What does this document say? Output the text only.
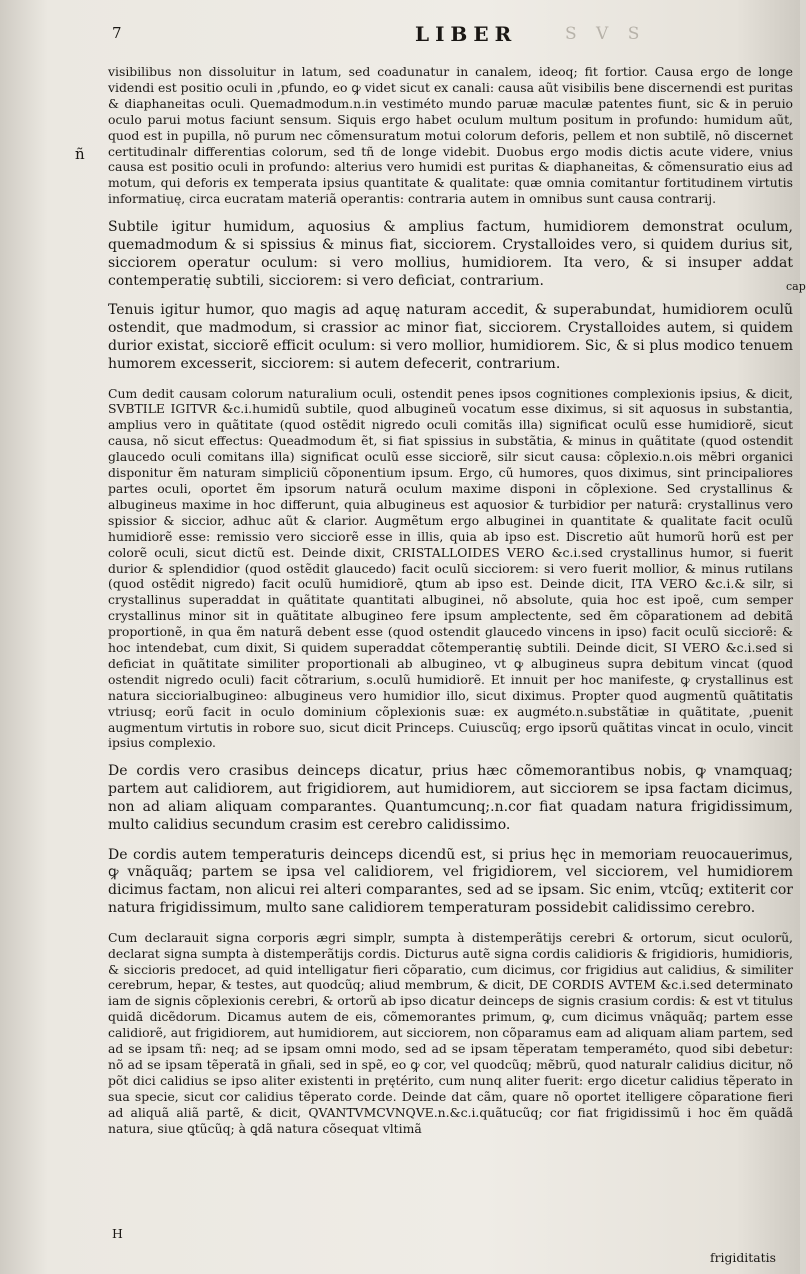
7	LIBER	S V S
ñ
cap

visibilibus non dissoluitur in latum, sed coadunatur in canalem, ideoq; fit fortior. Causa ergo de longe videndi est positio oculi in ,pfundo, eo ꝙ videt sicut ex canali: causa aũt visibilis bene discernendi est puritas & diaphaneitas oculi. Quemadmodum.n.in vestiméto mundo paruæ maculæ patentes fiunt, sic & in peruio oculo parui motus faciunt sensum. Siquis ergo habet oculum multum positum in profundo: humidum aũt, quod est in pupilla, nõ purum nec cõmensuratum motui colorum deforis, pellem et non subtilẽ, nõ discernet certitudinalr differentias colorum, sed tñ de longe videbit. Duobus ergo modis dictis acute videre, vnius causa est positio oculi in profundo: alterius vero humidi est puritas & diaphaneitas, & cõmensuratio eius ad motum, qui deforis ex temperata ipsius quantitate & qualitate: quæ omnia comitantur fortitudinem virtutis informatiuę, circa eucratam materiã operantis: contraria autem in omnibus sunt causa contrarij.

Subtile igitur humidum, aquosius & amplius factum, humidiorem demonstrat oculum, quemadmodum & si spissius & minus fiat, sicciorem. Crystalloides vero, si quidem durius sit, sicciorem operatur oculum: si vero mollius, humidiorem. Ita vero, & si insuper addat contemperatię subtili, sicciorem: si vero deficiat, contrarium.

Tenuis igitur humor, quo magis ad aquę naturam accedit, & superabundat, humidiorem oculũ ostendit, que madmodum, si crassior ac minor fiat, sicciorem. Crystalloides autem, si quidem durior existat, sicciorẽ efficit oculum: si vero mollior, humidiorem. Sic, & si plus modico tenuem humorem excesserit, sicciorem: si autem defecerit, contrarium.

Cum dedit causam colorum naturalium oculi, ostendit penes ipsos cognitiones complexionis ipsius, & dicit, SVBTILE IGITVR &c.i.humidũ subtile, quod albugineũ vocatum esse diximus, si sit aquosus in substantia, amplius vero in quãtitate (quod ostẽdit nigredo oculi comitãs illa) significat oculũ esse humidiorẽ, sicut causa, nõ sicut effectus: Queadmodum ẽt, si fiat spissius in substãtia, & minus in quãtitate (quod ostendit glaucedo oculi comitans illa) significat oculũ esse sicciorẽ, silr sicut causa: cõplexio.n.ois mẽbri organici disponitur ẽm naturam simpliciũ cõponentium ipsum. Ergo, cũ humores, quos diximus, sint principaliores partes oculi, oportet ẽm ipsorum naturã oculum maxime disponi in cõplexione. Sed crystallinus & albugineus maxime in hoc differunt, quia albugineus est aquosior & turbidior per naturã: crystallinus vero spissior & siccior, adhuc aũt & clarior. Augmẽtum ergo albuginei in quantitate & qualitate facit oculũ humidiorẽ esse: remissio vero sicciorẽ esse in illis, quia ab ipso est. Discretio aũt humorũ horũ est per colorẽ oculi, sicut dictũ est. Deinde dixit, CRISTALLOIDES VERO &c.i.sed crystallinus humor, si fuerit durior & splendidior (quod ostẽdit glaucedo) facit oculũ sicciorem: si vero fuerit mollior, & minus rutilans (quod ostẽdit nigredo) facit oculũ humidiorẽ, ꝗtum ab ipso est. Deinde dicit, ITA VERO &c.i.& silr, si crystallinus superaddat in quãtitate quantitati albuginei, nõ absolute, quia hoc est ipoẽ, cum semper crystallinus minor sit in quãtitate albugineo fere ipsum amplectente, sed ẽm cõparationem ad debitã proportionẽ, in qua ẽm naturã debent esse (quod ostendit glaucedo vincens in ipso) facit oculũ sicciorẽ: & hoc intendebat, cum dixit, Si quidem superaddat cõtemperantię subtili. Deinde dicit, SI VERO &c.i.sed si deficiat in quãtitate similiter proportionali ab albugineo, vt ꝙ albugineus supra debitum vincat (quod ostendit nigredo oculi) facit cõtrarium, s.oculũ humidiorẽ. Et innuit per hoc manifeste, ꝙ crystallinus est natura sicciorialbugineo: albugineus vero humidior illo, sicut diximus. Propter quod augmentũ quãtitatis vtriusq; eorũ facit in oculo dominium cõplexionis suæ: ex augméto.n.substãtiæ in quãtitate, ,puenit augmentum virtutis in robore suo, sicut dicit Princeps. Cuiuscũq; ergo ipsorũ quãtitas vincat in oculo, vincit ipsius complexio.

De cordis vero crasibus deinceps dicatur, prius hæc cõmemorantibus nobis, ꝙ vnamquaq; partem aut calidiorem, aut frigidiorem, aut humidiorem, aut sicciorem se ipsa factam dicimus, non ad aliam aliquam comparantes. Quantumcunq;.n.cor fiat quadam natura frigidissimum, multo calidius secundum crasim est cerebro calidissimo.

De cordis autem temperaturis deinceps dicendũ est, si prius hęc in memoriam reuocauerimus, ꝙ vnãquãq; partem se ipsa vel calidiorem, vel frigidiorem, vel sicciorem, vel humidiorem dicimus factam, non alicui rei alteri comparantes, sed ad se ipsam. Sic enim, vtcũq; extiterit cor natura frigidissimum, multo sane calidiorem temperaturam possidebit calidissimo cerebro.

Cum declarauit signa corporis ægri simplr, sumpta à distemperãtijs cerebri & ortorum, sicut oculorũ, declarat signa sumpta à distemperãtijs cordis. Dicturus autẽ signa cordis calidioris & frigidioris, humidioris, & siccioris predocet, ad quid intelligatur fieri cõparatio, cum dicimus, cor frigidius aut calidius, & similiter cerebrum, hepar, & testes, aut quodcũq; aliud membrum, & dicit, DE CORDIS AVTEM &c.i.sed determinato iam de signis cõplexionis cerebri, & ortorũ ab ipso dicatur deinceps de signis crasium cordis: & est vt titulus quidã dicẽdorum. Dicamus autem de eis, cõmemorantes primum, ꝙ, cum dicimus vnãquãq; partem esse calidiorẽ, aut frigidiorem, aut humidiorem, aut sicciorem, non cõparamus eam ad aliquam aliam partem, sed ad se ipsam tñ: neq; ad se ipsam omni modo, sed ad se ipsam tẽperatam temperaméto, quod sibi debetur: nõ ad se ipsam tẽperatã in gñali, sed in spẽ, eo ꝙ cor, vel quodcũq; mẽbrũ, quod naturalr calidius dicitur, nõ põt dici calidius se ipso aliter existenti in prętérito, cum nunq aliter fuerit: ergo dicetur calidius tẽperato in sua specie, sicut cor calidius tẽperato corde. Deinde dat cãm, quare nõ oportet itelligere cõparatione fieri ad aliquã aliã partẽ, & dicit, QVANTVMCVNQVE.n.&c.i.quãtucũq; cor fiat frigidissimũ i hoc ẽm quãdã natura, siue ꝗtũcũq; à ꝗdã natura cõsequat vltimã

H
frigiditatis
